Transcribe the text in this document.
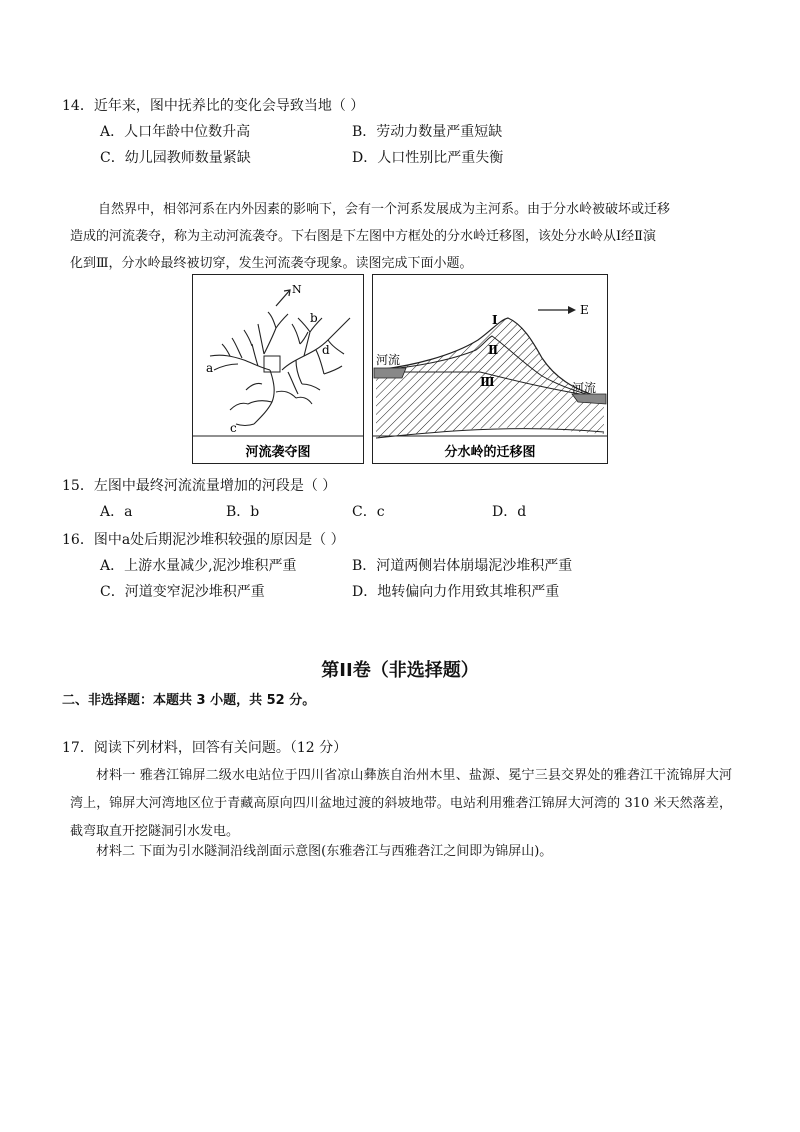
14．近年来，图中抚养比的变化会导致当地（ ）
A．人口年龄中位数升高	B．劳动力数量严重短缺
C．幼儿园教师数量紧缺	D．人口性别比严重失衡
自然界中，相邻河系在内外因素的影响下，会有一个河系发展成为主河系。由于分水岭被破坏或迁移
造成的河流袭夺，称为主动河流袭夺。下右图是下左图中方框处的分水岭迁移图，该处分水岭从Ⅰ经Ⅱ演
化到Ⅲ，分水岭最终被切穿，发生河流袭夺现象。读图完成下面小题。
N
a
b
c
d
河流袭夺图
河流
河流
Ⅰ
Ⅱ
Ⅲ
E
分水岭的迁移图
15．左图中最终河流流量增加的河段是（ ）
A．a	B．b	C．c	D．d
16．图中a处后期泥沙堆积较强的原因是（ ）
A．上游水量减少,泥沙堆积严重	B．河道两侧岩体崩塌泥沙堆积严重
C．河道变窄泥沙堆积严重	D．地转偏向力作用致其堆积严重
第II卷（非选择题）
二、非选择题：本题共 3 小题，共 52 分。
17．阅读下列材料，回答有关问题。（12 分）
材料一 雅砻江锦屏二级水电站位于四川省凉山彝族自治州木里、盐源、冕宁三县交界处的雅砻江干流锦屏大河湾上，锦屏大河湾地区位于青藏高原向四川盆地过渡的斜坡地带。电站利用雅砻江锦屏大河湾的 310 米天然落差，截弯取直开挖隧洞引水发电。
材料二 下面为引水隧洞沿线剖面示意图(东雅砻江与西雅砻江之间即为锦屏山)。
